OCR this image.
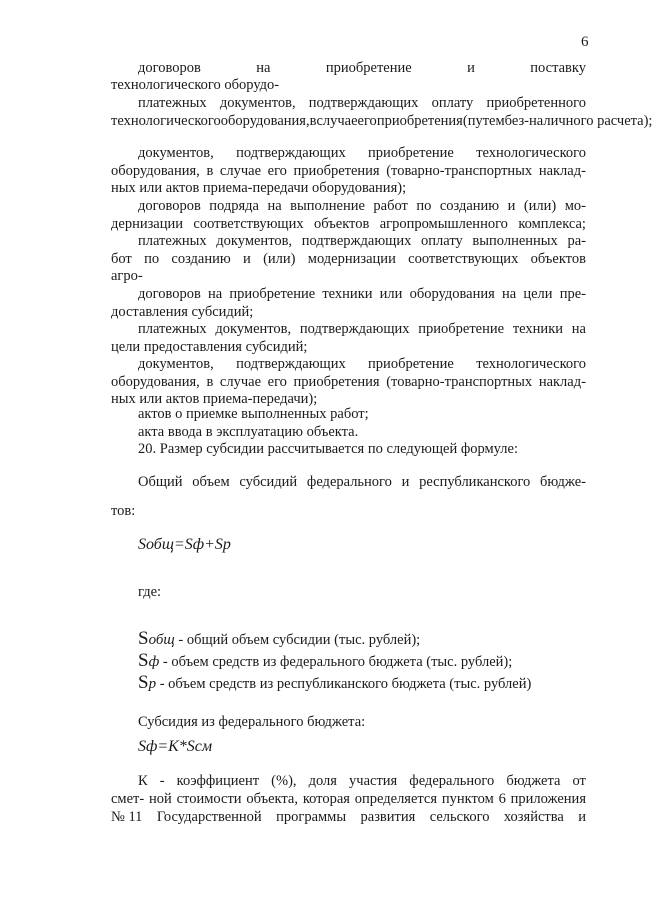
6
договоров	на	приобретение	и	поставку
технологического оборудо-
платежных документов, подтверждающих оплату приобретенного
технологического оборудования, в случае его приобретения (путем без- наличного расчета);
документов, подтверждающих приобретение технологического
оборудования, в случае его приобретения (товарно-транспортных наклад-
ных или актов приема-передачи оборудования);
договоров подряда на выполнение работ по созданию и (или) мо-
дернизации соответствующих объектов агропромышленного комплекса;
платежных документов, подтверждающих оплату выполненных ра-
бот по созданию и (или) модернизации соответствующих объектов
агро-
договоров на приобретение техники или оборудования на цели пре-
доставления субсидий;
платежных документов, подтверждающих приобретение техники на
цели предоставления субсидий;
документов, подтверждающих приобретение технологического
оборудования, в случае его приобретения (товарно-транспортных наклад-
ных или актов приема-передачи);
актов о приемке выполненных работ;
акта ввода в эксплуатацию объекта.
20. Размер субсидии рассчитывается по следующей формуле:
Общий объем субсидий федерального и республиканского бюдже-
тов:
Sобщ=Sф+Sр
где:
Sобщ - общий объем субсидии (тыс. рублей);
Sф - объем средств из федерального бюджета (тыс. рублей);
Sр - объем средств из республиканского бюджета (тыс. рублей)
Субсидия из федерального бюджета:
Sф=К*Sсм
К - коэффициент (%), доля участия федерального бюджета от
смет- ной стоимости объекта, которая определяется пунктом 6 приложения
№ 11 Государственной программы развития сельского хозяйства и
